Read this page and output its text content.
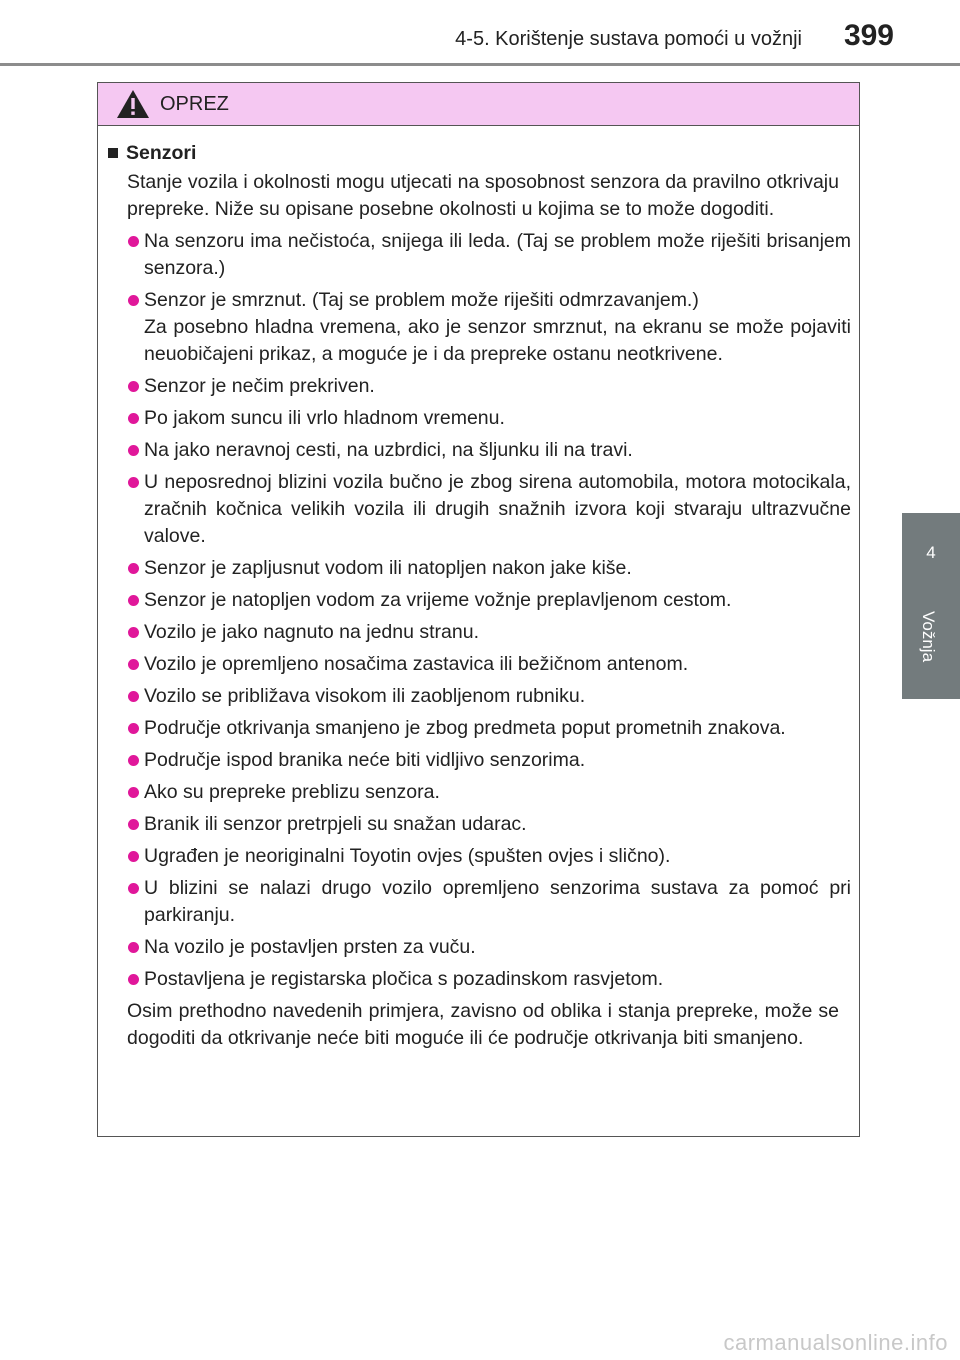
4-5. Korištenje sustava pomoći u vožnji 399
4
Vožnja
OPREZ
Senzori
Stanje vozila i okolnosti mogu utjecati na sposobnost senzora da pravilno otkrivaju prepreke. Niže su opisane posebne okolnosti u kojima se to može dogoditi.
Na senzoru ima nečistoća, snijega ili leda. (Taj se problem može riješiti brisanjem senzora.)
Senzor je smrznut. (Taj se problem može riješiti odmrzavanjem.)
Za posebno hladna vremena, ako je senzor smrznut, na ekranu se može pojaviti neuobičajeni prikaz, a moguće je i da prepreke ostanu neotkrivene.
Senzor je nečim prekriven.
Po jakom suncu ili vrlo hladnom vremenu.
Na jako neravnoj cesti, na uzbrdici, na šljunku ili na travi.
U neposrednoj blizini vozila bučno je zbog sirena automobila, motora motocikala, zračnih kočnica velikih vozila ili drugih snažnih izvora koji stvaraju ultrazvučne valove.
Senzor je zapljusnut vodom ili natopljen nakon jake kiše.
Senzor je natopljen vodom za vrijeme vožnje preplavljenom cestom.
Vozilo je jako nagnuto na jednu stranu.
Vozilo je opremljeno nosačima zastavica ili bežičnom antenom.
Vozilo se približava visokom ili zaobljenom rubniku.
Područje otkrivanja smanjeno je zbog predmeta poput prometnih znakova.
Područje ispod branika neće biti vidljivo senzorima.
Ako su prepreke preblizu senzora.
Branik ili senzor pretrpjeli su snažan udarac.
Ugrađen je neoriginalni Toyotin ovjes (spušten ovjes i slično).
U blizini se nalazi drugo vozilo opremljeno senzorima sustava za pomoć pri parkiranju.
Na vozilo je postavljen prsten za vuču.
Postavljena je registarska pločica s pozadinskom rasvjetom.
Osim prethodno navedenih primjera, zavisno od oblika i stanja prepreke, može se dogoditi da otkrivanje neće biti moguće ili će područje otkrivanja biti smanjeno.
carmanualsonline.info
